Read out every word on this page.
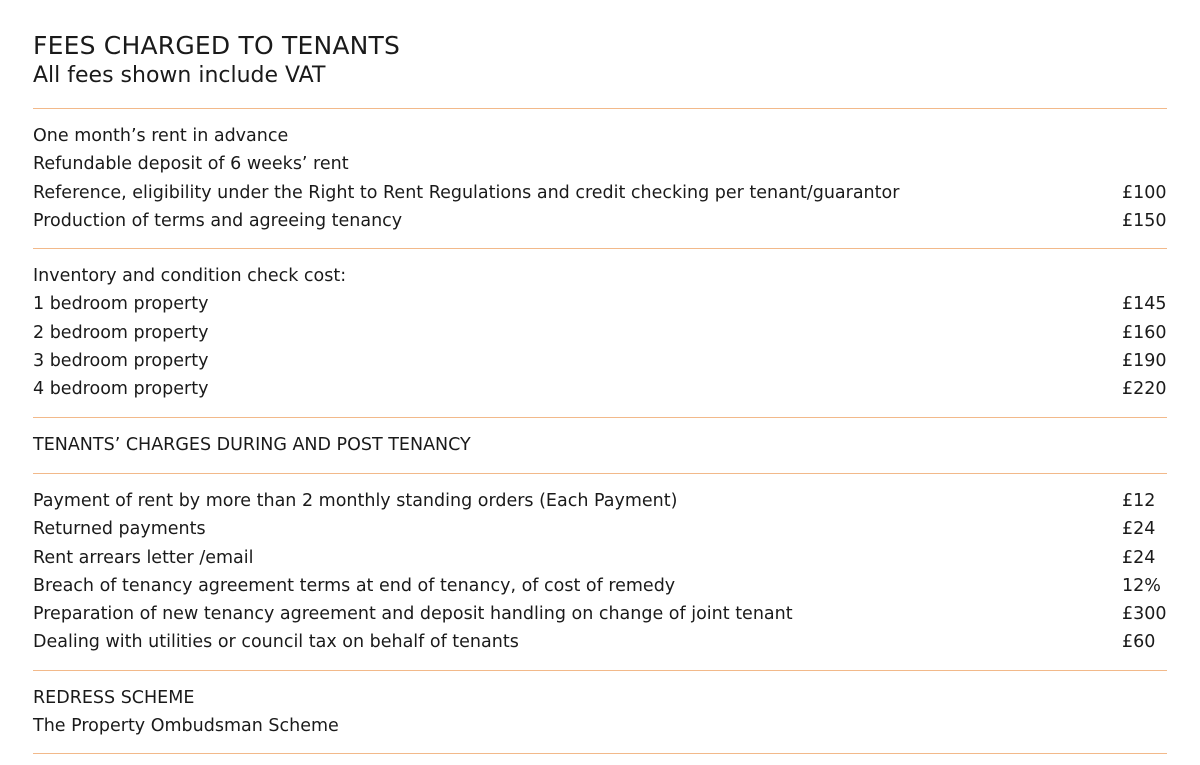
FEES CHARGED TO TENANTS
All fees shown include VAT
One month’s rent in advance
Refundable deposit of 6 weeks’ rent
Reference, eligibility under the Right to Rent Regulations and credit checking per tenant/guarantor	£100
Production of terms and agreeing tenancy	£150
Inventory and condition check cost:
1 bedroom property	£145
2 bedroom property	£160
3 bedroom property	£190
4 bedroom property	£220
TENANTS’ CHARGES DURING AND POST TENANCY
Payment of rent by more than 2 monthly standing orders (Each Payment)	£12
Returned payments	£24
Rent arrears letter /email	£24
Breach of tenancy agreement terms at end of tenancy, of cost of remedy	12%
Preparation of new tenancy agreement and deposit handling on change of joint tenant	£300
Dealing with utilities or council tax on behalf of tenants	£60
REDRESS SCHEME
The Property Ombudsman Scheme
